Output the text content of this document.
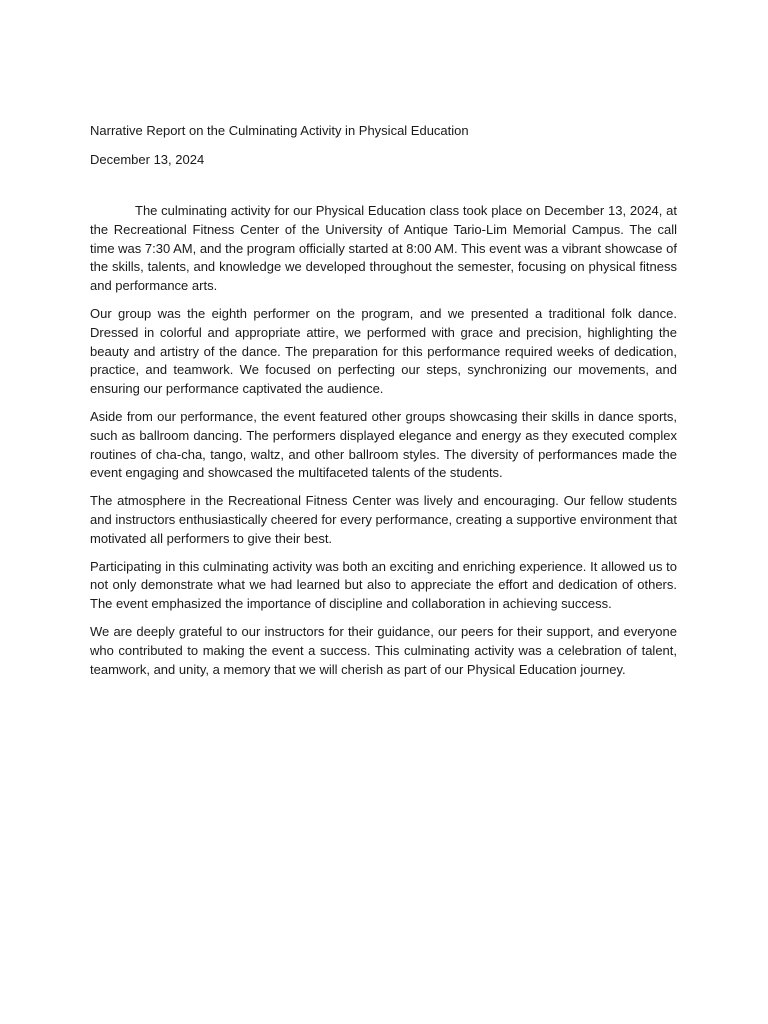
Narrative Report on the Culminating Activity in Physical Education

December 13, 2024

The culminating activity for our Physical Education class took place on December 13, 2024, at the Recreational Fitness Center of the University of Antique Tario-Lim Memorial Campus. The call time was 7:30 AM, and the program officially started at 8:00 AM. This event was a vibrant showcase of the skills, talents, and knowledge we developed throughout the semester, focusing on physical fitness and performance arts.

Our group was the eighth performer on the program, and we presented a traditional folk dance. Dressed in colorful and appropriate attire, we performed with grace and precision, highlighting the beauty and artistry of the dance. The preparation for this performance required weeks of dedication, practice, and teamwork. We focused on perfecting our steps, synchronizing our movements, and ensuring our performance captivated the audience.

Aside from our performance, the event featured other groups showcasing their skills in dance sports, such as ballroom dancing. The performers displayed elegance and energy as they executed complex routines of cha-cha, tango, waltz, and other ballroom styles. The diversity of performances made the event engaging and showcased the multifaceted talents of the students.

The atmosphere in the Recreational Fitness Center was lively and encouraging. Our fellow students and instructors enthusiastically cheered for every performance, creating a supportive environment that motivated all performers to give their best.

Participating in this culminating activity was both an exciting and enriching experience. It allowed us to not only demonstrate what we had learned but also to appreciate the effort and dedication of others. The event emphasized the importance of discipline and collaboration in achieving success.

We are deeply grateful to our instructors for their guidance, our peers for their support, and everyone who contributed to making the event a success. This culminating activity was a celebration of talent, teamwork, and unity, a memory that we will cherish as part of our Physical Education journey.
